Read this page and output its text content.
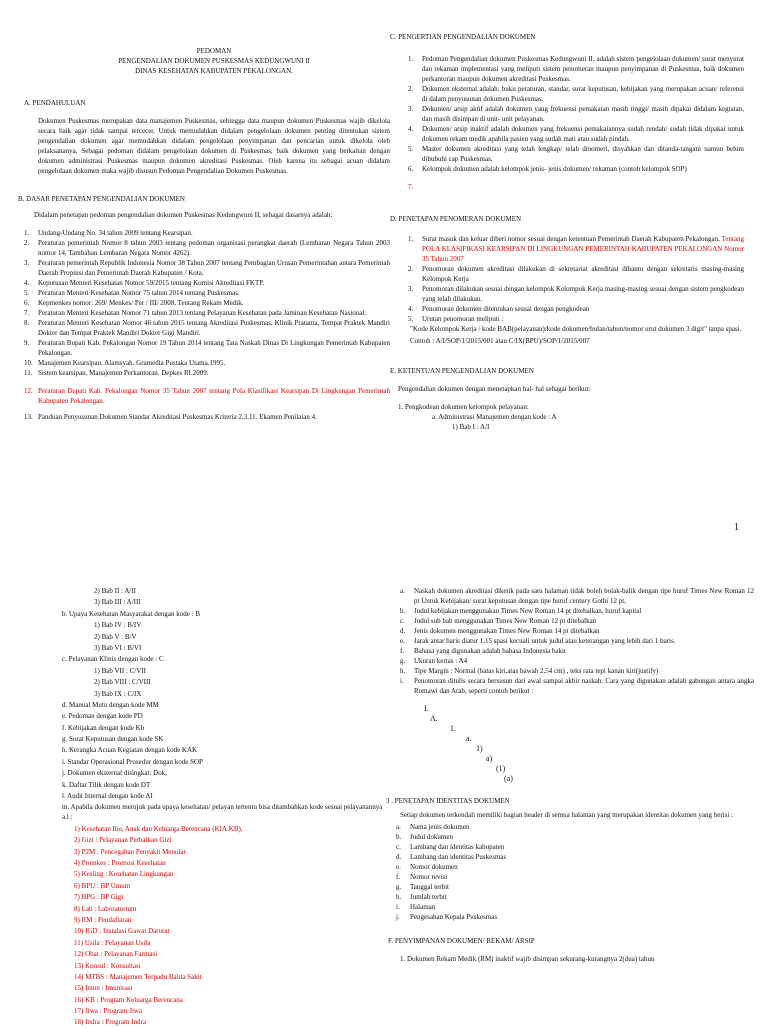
PEDOMAN

PENGENDALIAN DOKUMEN PUSKESMAS KEDUNGWUNI II

DINAS KESEHATAN KABUPATEN PEKALONGAN.

A. PENDAHULUAN

Dokumen Puskesmas merupakan data manajemen Puskesmas, sehingga data maupun dokumen Puskesmas wajib dikelola secara baik agar tidak sampai tercecer. Untuk memudahkan didalam pengelolaan dokumen penting ditentukan sistem pengendalian dokumen agar memudahkan didalam pengelolaan penyimpanan dan pencarian untuk dikelola oleh pelaksananya. Sebagai pedoman didalam pengelolaan dokumen di Puskesmas, baik dokumen yang berkaitan dengan dokumen administrasi Puskesmas maupun dokumen akreditasi Puskesmas. Oleh karena itu sebagai acuan didalam pengelolaan dokumen maka wajib disusun Pedoman Pengendalian Dokumen Puskesmas.

B. DASAR PENETAPAN PENGENDALIAN DOKUMEN

Didalam penetapan pedoman pengendalian dokumen Puskesmas Kedungwuni II, sebagai dasarnya adalah:

1.	Undang-Undang No. 34 tahun 2009 tentang Kearsipan.
2.	Peraturan pemerintah Nomor 8 tahun 2003 tentang pedoman organisasi perangkat daerah (Lembaran Negara Tahun 2003 nomor 14, Tambahan Lembaran Negara Nomor 4262).
3.	Peraturan pemerintah Republik Indonesia Nomor 38 Tahun 2007 tentang Pembagian Urusan Pemerintahan antara Pemerintah Daerah Propinsi dan Pemerintah Daerah Kabupaten / Kota.
4.	Keputusan Menteri Kesehatan Nomor 59/2015 tentang Komisi Akreditasi FKTP.
5.	Peraturan Menteri Kesehatan Nomor 75 tahun 2014 tentang Puskesmas.
6.	Kepmenkes nomor: 269/ Menkes/ Per / III/ 2008, Tentang Rekam Medik.
7.	Peraturan Menteri Kesehatan Nomor 71 tahun 2013 tentang Pelayanan Kesehatan pada Jaminan Kesehatan Nasional.
8.	Peraturan Menteri Kesehatan Nomor 46 tahun 2015 tentang Akreditasi Puskesmas, Klinik Pratama, Tempat Praktek Mandiri Dokter dan Tempat Praktek Mandiri Dokter Gigi Mandiri.
9.	Peraturan Bupati Kab. Pekalongan Nomor 19 Tahun 2014 tentang Tata Naskah Dinas Di Lingkungan Pemerintah Kabupaten Pekalongan.
10. Manajemen Kearsipan. Alamsyah. Gramedia Pustaka Utama.1995.
11. Sistem kearsipan. Manajemen Perkantoran. Depkes RI.2009.
12. Peraturan Bupati Kab. Pekalongan Nomor 35 Tahun 2007 tentang Pola Klasifikasi Kearsipan Di Lingkungan Pemerintah Kabupaten Pekalongan.
13. Panduan Penyusunan Dokumen Standar Akreditasi Puskesmas Kriteria 2.3.11. Ekamen Penilaian 4.

C. PENGERTIAN PENGENDALIAN DOKUMEN

1.	Pedoman Pengendalian dokumen Puskesmas Kedungwuni II, adalah sistem pengelolaan dokumen/ surat menyurat dan rekaman implementasi yang meliputi sistem penomeran maupun penyimpanan di Puskesmas, baik dokumen perkantoran maupun dokumen akreditasi Puskesmas.
2.	Dokumen eksternal adalah: buku peraturan, standar, surat keputusan, kebijakan yang merupakan acuan/ referensi di dalam penyusunan dokumen Puskesmas.
3.	Dokumen/ arsip aktif adalah dokumen yang frekuensi pemakaian masih tinggi/ masih dipakai didalam kegiatan, dan masih disimpan di unit- unit pelayanan.
4.	Dokumen/ arsip inaktif adalah dokumen yang frekuensi pemakaiannya sudah rendah/ sudah tidak dipakai untuk dokumen rekam medik apabila pasien yang sudah mati atau sudah pindah.
5.	Master dokumen akreditasi yang telah lengkap/ telah dinomeri, disyahkan dan ditanda-tangani namun belum dibubuhi cap Puskesmas.
6.	Kelompok dokumen adalah kelompok jenis- jenis dokumen/ rekaman (contoh kelompok SOP)

7.

D. PENETAPAN PENOMERAN DOKUMEN

1.	Surat masuk dan keluar diberi nomor sesuai dengan ketentuan Pemerintah Daerah Kabupaten Pekalongan, Tentang POLA KLASIFIKASI KEARSIPAN DI LINGKUNGAN PEMERINTAH KABUPATEN PEKALONGAN Nomor 35 Tahun 2007
2.	Penomoran dokumen akreditasi dilakukan di sekretariat akreditasi dibantu dengan sekretaris masing-masing Kelompok Kerja
3.	Penomoran dilakukan sesuai dengan kelompok Kelompok Kerja masing-masing sesuai dengan sistem pengkodean yang telah dilakukan.
4.	Penomoran dokumen ditentukan sesuai dengan pengkodean
5.	Urutan penomoran meliputi :

"Kode Kelompok Kerja / kode BAB(pelayanan)/kode dokumen/bulan/tahun/nomor urut dokumen 3 digit" tanpa spasi.

Contoh : A/I/SOP/1/2015/001 atau C/IX(BPU)/SOP/1/2015/007

E. KETENTUAN PENGENDALIAN DOKUMEN

Pengendalian dokumen dengan menetapkan hal- hal sebagai berikut:

1. Pengkodean dokumen kelompok pelayanan:

a. Administrasi Manajemen dengan kode : A

1) Bab I : A/I

1

2) Bab II : A/II

3) Bab III : A/III

b. Upaya Kesehatan Masyarakat dengan kode : B

1) Bab IV : B/IV

2) Bab V : B/V

3) Bab VI : B/VI

c. Pelayanan Klinis dengan kode : C

1) Bab VII : C/VII

2) Bab VIII : C/VIII

3) Bab IX : C/IX

d. Manual Mutu dengan kode MM

e. Pedoman dengan kode PD

f. Kebijakan dengan kode Kb

g. Surat Keputusan dengan kode SK

h. Kerangka Acuan Kegiatan dengan kode KAK

i. Standar Operasional Prosedur dengan kode SOP

j. Dokumen eksternal disingkat: Dok,

k. Daftar Tilik dengan kode DT

l. Audit Internal dengan kode AI

m. Apabila dokumen merujuk pada upaya kesehatan/ pelayan tertentu bisa ditambahkan kode sesuai pelayanannya a.l :

1) Kesehatan Ibu, Anak dan Keluarga Berencana (KIA.KB),

2) Gizi : Pelayanan Perbaikan Gizi

3) P2M : Pencegahan Penyakit Menular

4) Promkes : Promosi Kesehatan

5) Kesling : Kesehatan Lingkungan

6) BPU : BP Umum

7) BPG : BP Gigi

8) Lab : Laboratorium

9) RM : Pendaftaran

10) IGD : Instalasi Gawat Darurat

11) Usila : Pelayanan Usila

12) Obat : Pelayanan Farmasi

13) Konsul : Konsultasi

14) MTBS : Manajemen Terpadu Balita Sakit

15) Imun : Imunisasi

16) KB : Program Keluarga Berencana

17) Jiwa : Program Jiwa

18) Indra : Program Indra

a.	Naskah dokumen akreditasi diketik pada satu halaman tidak boleh bolak-balik dengan tipe huruf Times New Roman 12 pt Untuk Kebijakan/ surat keputusan dengan tipe huruf century Gothi 12 pt,
b.	Judul kebijakan menggunakan Times New Roman 14 pt ditebalkan, huruf kapital
c.	Judul sub bab menggunakan Times New Roman 12 pt ditebalkan
d.	Jenis dokumen menggunakan Times New Roman 14 pt ditebalkan
e.	Jarak antar baris diatur 1,15 spasi kecuali untuk judul atau keterangan yang lebih dari 1 baris.
f.	Bahasa yang digunakan adalah bahasa Indonesia baku
g.	Ukuran kertas : A4
h.	Tipe Margin : Normal (batas kiri,atas bawah 2,54 cm) , teks rata tepi kanan kiri(justify)
i.	Penomoran ditulis secara bersusun dari awal sampai akhir naskah. Cara yang digunakan adalah gabungan antara angka Romawi dan Arab, seperti contoh berikut :

I.

A.

1.

a.

1)

a)

(1)

(a)

3 . PENETAPAN IDENTITAS DOKUMEN

Setiap dokumen terkendali memiliki bagian header di semua halaman yang merupakan identitas dokumen yang berisi :

a.	Nama jenis dokumen
b.	Judul dokumen
c.	Lambang dan identitas kabupaten
d.	Lambang dan identitas Puskesmas
e.	Nomor dokumen
f.	Nomor revisi
g.	Tanggal terbit
h.	Jumlah terbit
i.	Halaman
j.	Pengesahan Kepala Puskesmas

F. PENYIMPANAN DOKUMEN/ REKAM/ ARSIP

1. Dokumen Rekam Medik (RM) inaktif wajib disimpan sekurang-kurangnya 2(dua) tahun
